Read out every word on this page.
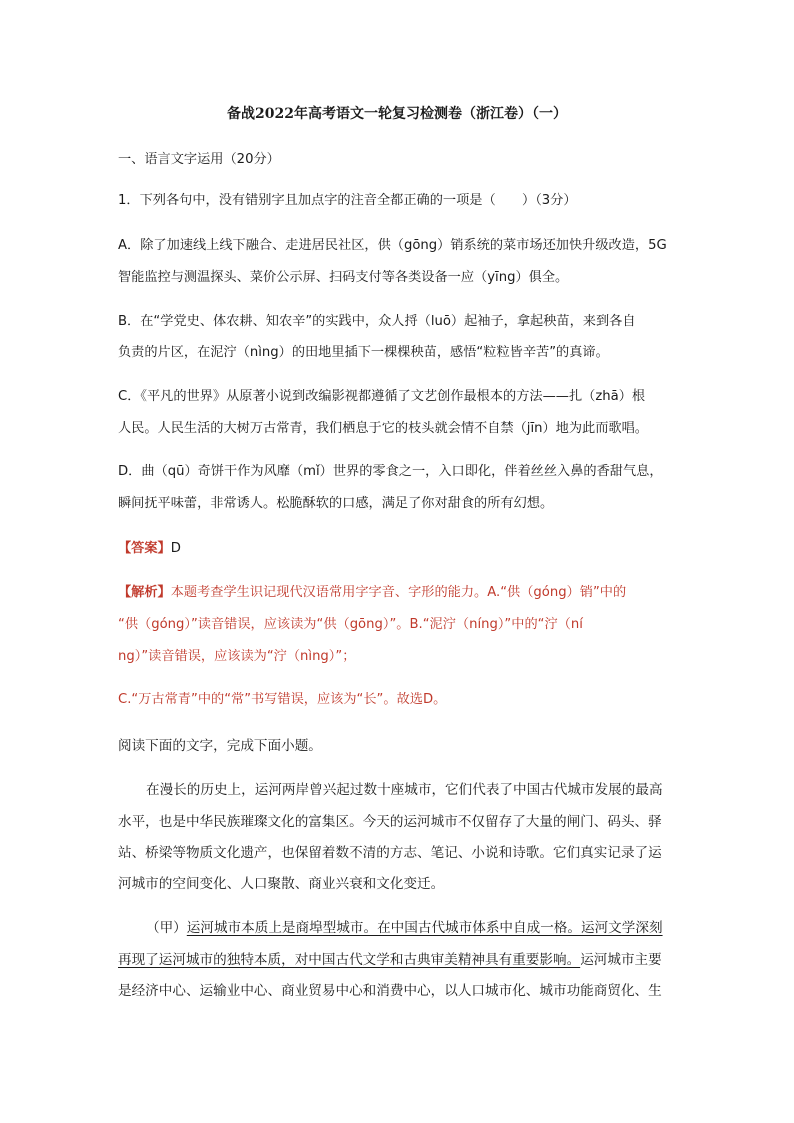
备战2022年高考语文一轮复习检测卷（浙江卷）（一）
一、语言文字运用（20分）
1．下列各句中，没有错别字且加点字的注音全都正确的一项是（　　）（3分）
A．除了加速线上线下融合、走进居民社区，供（gōng）销系统的菜市场还加快升级改造，5G
智能监控与测温探头、菜价公示屏、扫码支付等各类设备一应（yīng）俱全。
B．在“学党史、体农耕、知农辛”的实践中，众人捋（luō）起袖子，拿起秧苗，来到各自
负责的片区，在泥泞（nìng）的田地里插下一棵棵秧苗，感悟“粒粒皆辛苦”的真谛。
C．《平凡的世界》从原著小说到改编影视都遵循了文艺创作最根本的方法——扎（zhā）根
人民。人民生活的大树万古常青，我们栖息于它的枝头就会情不自禁（jīn）地为此而歌唱。
D．曲（qū）奇饼干作为风靡（mǐ）世界的零食之一，入口即化，伴着丝丝入鼻的香甜气息，
瞬间抚平味蕾，非常诱人。松脆酥软的口感，满足了你对甜食的所有幻想。
【答案】D
【解析】本题考查学生识记现代汉语常用字字音、字形的能力。A.“供（góng）销”中的
“供（góng）”读音错误，应该读为“供（gōng）”。B.“泥泞（níng）”中的“泞（ní
ng）”读音错误，应该读为“泞（nìng）”；
C.“万古常青”中的“常”书写错误，应该为“长”。故选D。
阅读下面的文字，完成下面小题。
在漫长的历史上，运河两岸曾兴起过数十座城市，它们代表了中国古代城市发展的最高
水平，也是中华民族璀璨文化的富集区。今天的运河城市不仅留存了大量的闸门、码头、驿
站、桥梁等物质文化遗产，也保留着数不清的方志、笔记、小说和诗歌。它们真实记录了运
河城市的空间变化、人口聚散、商业兴衰和文化变迁。
（甲）运河城市本质上是商埠型城市。在中国古代城市体系中自成一格。运河文学深刻
再现了运河城市的独特本质，对中国古代文学和古典审美精神具有重要影响。运河城市主要
是经济中心、运输业中心、商业贸易中心和消费中心，以人口城市化、城市功能商贸化、生
